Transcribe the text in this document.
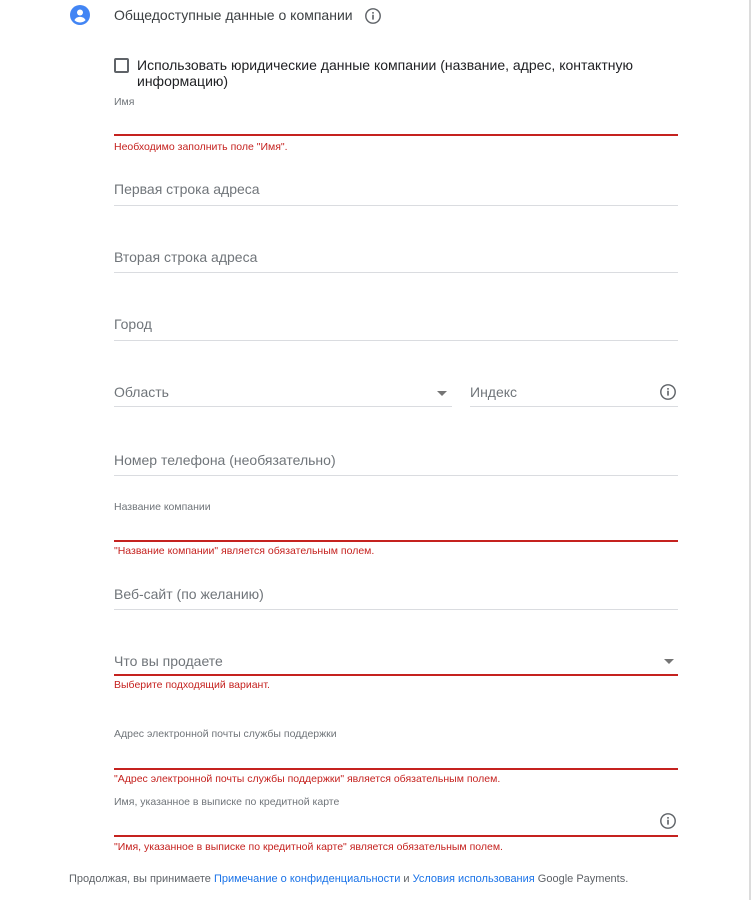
Общедоступные данные о компании
Использовать юридические данные компании (название, адрес, контактную информацию)
Имя
Необходимо заполнить поле "Имя".
Первая строка адреса
Вторая строка адреса
Город
Область	Индекс
Номер телефона (необязательно)
Название компании
"Название компании" является обязательным полем.
Веб-сайт (по желанию)
Что вы продаете
Выберите подходящий вариант.
Адрес электронной почты службы поддержки
"Адрес электронной почты службы поддержки" является обязательным полем.
Имя, указанное в выписке по кредитной карте
"Имя, указанное в выписке по кредитной карте" является обязательным полем.
Продолжая, вы принимаете Примечание о конфиденциальности и Условия использования Google Payments.
